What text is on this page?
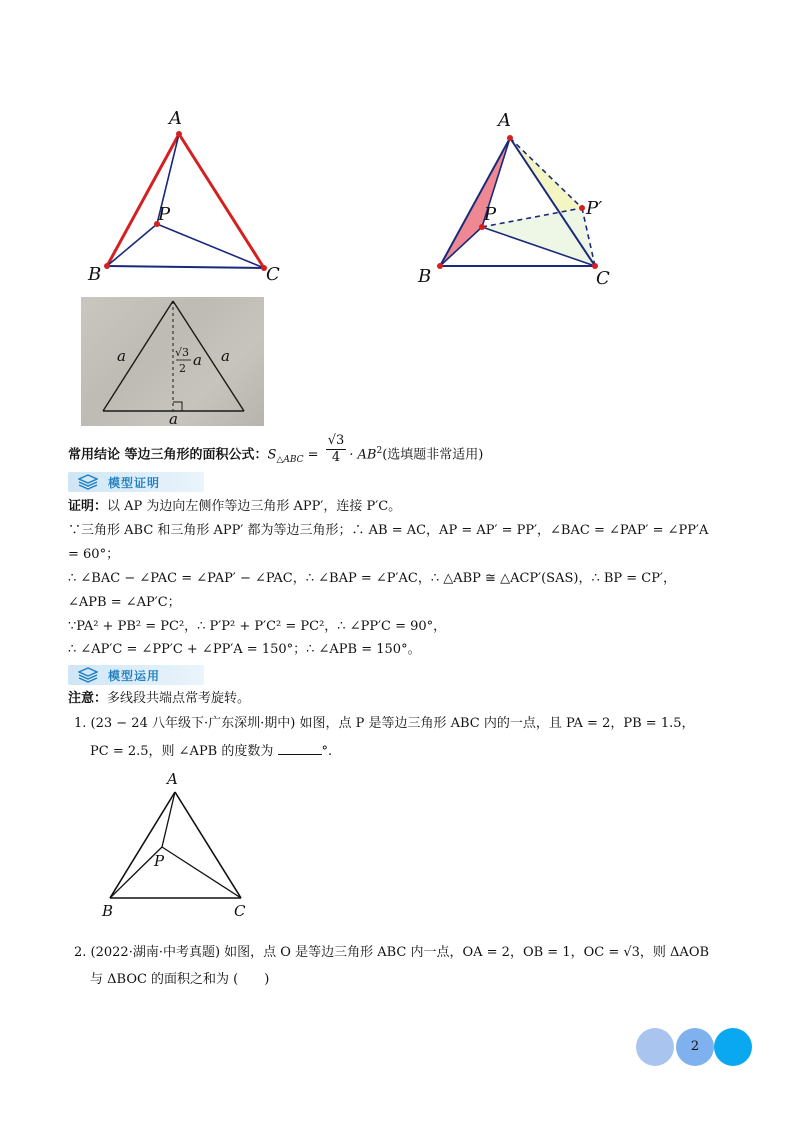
A
P
B	C
A
P	P′
B	C
a	a
√3
2 a
a
常用结论 等边三角形的面积公式：$S_{\triangle ABC} = \frac{√3}{4} \cdot AB^2$(选填题非常适用)
模型证明
证明：以 AP 为边向左侧作等边三角形 APP′，连接 P′C。
∵三角形 ABC 和三角形 APP′ 都为等边三角形；∴ AB = AC，AP = AP′ = PP′，∠BAC = ∠PAP′ = ∠PP′A
= 60°；
∴ ∠BAC − ∠PAC = ∠PAP′ − ∠PAC，∴ ∠BAP = ∠P′AC，∴ △ABP ≅ △ACP′(SAS)，∴ BP = CP′，
∠APB = ∠AP′C；
∵PA² + PB² = PC²，∴ P′P² + P′C² = PC²，∴ ∠PP′C = 90°，
∴ ∠AP′C = ∠PP′C + ∠PP′A = 150°；∴ ∠APB = 150°。
模型运用
注意：多线段共端点常考旋转。
1. (23 − 24 八年级下·广东深圳·期中) 如图，点 P 是等边三角形 ABC 内的一点，且 PA = 2，PB = 1.5，
PC = 2.5，则 ∠APB 的度数为	°.
A
P
B	C
2. (2022·湖南·中考真题) 如图，点 O 是等边三角形 ABC 内一点，OA = 2，OB = 1，OC = √3，则 ΔAOB
与 ΔBOC 的面积之和为 (　　)
2
